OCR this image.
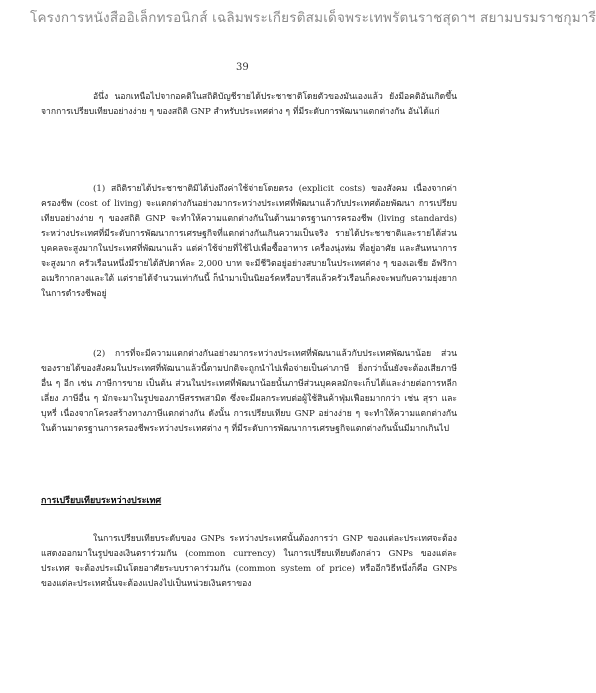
โครงการหนังสืออิเล็กทรอนิกส์ เฉลิมพระเกียรติสมเด็จพระเทพรัตนราชสุดาฯ สยามบรมราชกุมารี
39
อันึ่ง นอกเหนือไปจากอคติในสถิติบัญชีรายได้ประชาชาติโดยตัวของมันเองแล้ว ยังมีอคติอันเกิดขึ้นจากการเปรียบเทียบอย่างง่าย ๆ ของสถิติ GNP สำหรับประเทศต่าง ๆ ที่มีระดับการพัฒนาแตกต่างกัน อันได้แก่
(1) สถิติรายได้ประชาชาติมิได้บ่งถึงค่าใช้จ่ายโดยตรง (explicit costs) ของสังคม เนื่องจากค่าครองชีพ (cost of living) จะแตกต่างกันอย่างมากระหว่างประเทศที่พัฒนาแล้วกับประเทศด้อยพัฒนา การเปรียบเทียบอย่างง่าย ๆ ของสถิติ GNP จะทำให้ความแตกต่างกันในด้านมาตรฐานการครองชีพ (living standards) ระหว่างประเทศที่มีระดับการพัฒนาการเศรษฐกิจที่แตกต่างกันเกินความเป็นจริง รายได้ประชาชาติและรายได้ส่วนบุคคลจะสูงมากในประเทศที่พัฒนาแล้ว แต่ค่าใช้จ่ายที่ใช้ไปเพื่อซื้ออาหาร เครื่องนุ่งห่ม ที่อยู่อาศัย และสันทนาการ จะสูงมาก ครัวเรือนหนึ่งมีรายได้สัปดาห์ละ 2,000 บาท จะมีชีวิตอยู่อย่างสบายในประเทศต่าง ๆ ของเอเชีย อัฟริกา อเมริกากลางและใต้ แต่รายได้จำนวนเท่ากันนี้ ก็นำมาเป็นนิยอร์คหรือบารีสแล้วครัวเรือนก็คงจะพบกับความยุ่งยากในการดำรงชีพอยู่
(2) การที่จะมีความแตกต่างกันอย่างมากระหว่างประเทศที่พัฒนาแล้วกับประเทศพัฒนาน้อย ส่วนของรายได้ของสังคมในประเทศที่พัฒนาแล้วนี้ตามปกติจะถูกนำไปเพื่อจ่ายเป็นค่าภาษี ยิ่งกว่านั้นยังจะต้องเสียภาษีอื่น ๆ อีก เช่น ภาษีการขาย เป็นต้น ส่วนในประเทศที่พัฒนาน้อยนั้นภาษีส่วนบุคคลมักจะเก็บได้และง่ายต่อการหลีกเลี่ยง ภาษีอื่น ๆ มักจะมาในรูปของภาษีสรรพสามิต ซึ่งจะมีผลกระทบต่อผู้ใช้สินค้าฟุ่มเฟือยมากกว่า เช่น สุรา และบุหรี่ เนื่องจากโครงสร้างทางภาษีแตกต่างกัน ดังนั้น การเปรียบเทียบ GNP อย่างง่าย ๆ จะทำให้ความแตกต่างกันในด้านมาตรฐานการครองชีพระหว่างประเทศต่าง ๆ ที่มีระดับการพัฒนาการเศรษฐกิจแตกต่างกันนั้นมีมากเกินไป
การเปรียบเทียบระหว่างประเทศ
ในการเปรียบเทียบระดับของ GNPs ระหว่างประเทศนั้นต้องการว่า GNP ของแต่ละประเทศจะต้องแสดงออกมาในรูปของเงินตราร่วมกัน (common currency) ในการเปรียบเทียบดังกล่าว GNPs ของแต่ละประเทศ จะต้องประเมินโดยอาศัยระบบราคาร่วมกัน (common system of price) หรืออีกวิธีหนึ่งก็คือ GNPs ของแต่ละประเทศนั้นจะต้องแปลงไปเป็นหน่วยเงินตราของ
